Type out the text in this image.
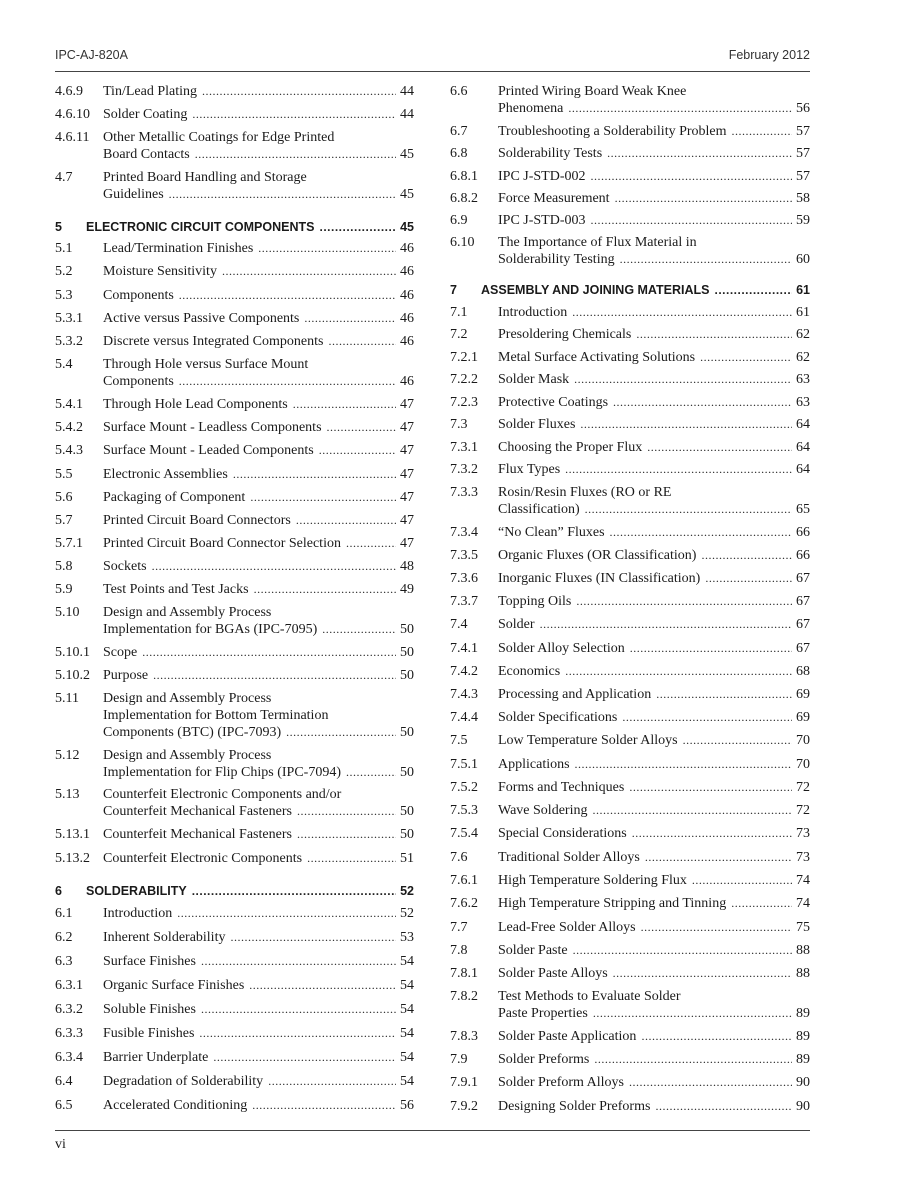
IPC-AJ-820A	February 2012
4.6.9 Tin/Lead Plating .....	44
4.6.10 Solder Coating .....	44
4.6.11 Other Metallic Coatings for Edge Printed
Board Contacts .....	45
4.7 Printed Board Handling and Storage
Guidelines .....	45
5 ELECTRONIC CIRCUIT COMPONENTS .....	45
5.1 Lead/Termination Finishes .....	46
5.2 Moisture Sensitivity .....	46
5.3 Components .....	46
5.3.1 Active versus Passive Components .....	46
5.3.2 Discrete versus Integrated Components .....	46
5.4 Through Hole versus Surface Mount
Components .....	46
5.4.1 Through Hole Lead Components .....	47
5.4.2 Surface Mount - Leadless Components .....	47
5.4.3 Surface Mount - Leaded Components .....	47
5.5 Electronic Assemblies .....	47
5.6 Packaging of Component .....	47
5.7 Printed Circuit Board Connectors .....	47
5.7.1 Printed Circuit Board Connector Selection .....	47
5.8 Sockets .....	48
5.9 Test Points and Test Jacks .....	49
5.10 Design and Assembly Process
Implementation for BGAs (IPC-7095) .....	50
5.10.1 Scope .....	50
5.10.2 Purpose .....	50
5.11 Design and Assembly Process
Implementation for Bottom Termination
Components (BTC) (IPC-7093) .....	50
5.12 Design and Assembly Process
Implementation for Flip Chips (IPC-7094) .....	50
5.13 Counterfeit Electronic Components and/or
Counterfeit Mechanical Fasteners .....	50
5.13.1 Counterfeit Mechanical Fasteners .....	50
5.13.2 Counterfeit Electronic Components .....	51
6 SOLDERABILITY .....	52
6.1 Introduction .....	52
6.2 Inherent Solderability .....	53
6.3 Surface Finishes .....	54
6.3.1 Organic Surface Finishes .....	54
6.3.2 Soluble Finishes .....	54
6.3.3 Fusible Finishes .....	54
6.3.4 Barrier Underplate .....	54
6.4 Degradation of Solderability .....	54
6.5 Accelerated Conditioning .....	56
6.6 Printed Wiring Board Weak Knee
Phenomena .....	56
6.7 Troubleshooting a Solderability Problem .....	57
6.8 Solderability Tests .....	57
6.8.1 IPC J-STD-002 .....	57
6.8.2 Force Measurement .....	58
6.9 IPC J-STD-003 .....	59
6.10 The Importance of Flux Material in
Solderability Testing .....	60
7 ASSEMBLY AND JOINING MATERIALS .....	61
7.1 Introduction .....	61
7.2 Presoldering Chemicals .....	62
7.2.1 Metal Surface Activating Solutions .....	62
7.2.2 Solder Mask .....	63
7.2.3 Protective Coatings .....	63
7.3 Solder Fluxes .....	64
7.3.1 Choosing the Proper Flux .....	64
7.3.2 Flux Types .....	64
7.3.3 Rosin/Resin Fluxes (RO or RE
Classification) .....	65
7.3.4 “No Clean” Fluxes .....	66
7.3.5 Organic Fluxes (OR Classification) .....	66
7.3.6 Inorganic Fluxes (IN Classification) .....	67
7.3.7 Topping Oils .....	67
7.4 Solder .....	67
7.4.1 Solder Alloy Selection .....	67
7.4.2 Economics .....	68
7.4.3 Processing and Application .....	69
7.4.4 Solder Specifications .....	69
7.5 Low Temperature Solder Alloys .....	70
7.5.1 Applications .....	70
7.5.2 Forms and Techniques .....	72
7.5.3 Wave Soldering .....	72
7.5.4 Special Considerations .....	73
7.6 Traditional Solder Alloys .....	73
7.6.1 High Temperature Soldering Flux .....	74
7.6.2 High Temperature Stripping and Tinning .....	74
7.7 Lead-Free Solder Alloys .....	75
7.8 Solder Paste .....	88
7.8.1 Solder Paste Alloys .....	88
7.8.2 Test Methods to Evaluate Solder
Paste Properties .....	89
7.8.3 Solder Paste Application .....	89
7.9 Solder Preforms .....	89
7.9.1 Solder Preform Alloys .....	90
7.9.2 Designing Solder Preforms .....	90
vi
